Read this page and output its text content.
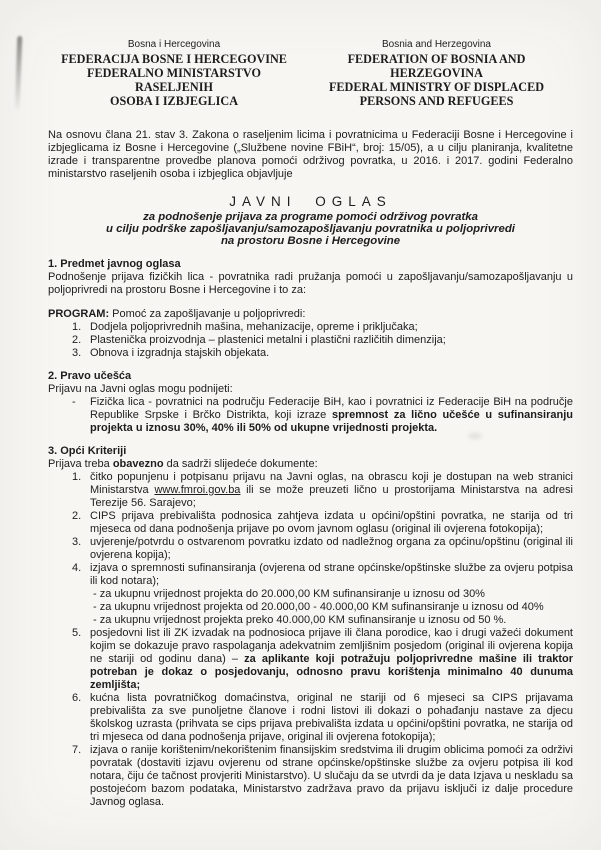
Bosna i Hercegovina
FEDERACIJA BOSNE I HERCEGOVINE
FEDERALNO MINISTARSTVO RASELJENIH
OSOBA I IZBJEGLICA
Bosnia and Herzegovina
FEDERATION OF BOSNIA AND HERZEGOVINA
FEDERAL MINISTRY OF DISPLACED
PERSONS AND REFUGEES

Na osnovu člana 21. stav 3. Zakona o raseljenim licima i povratnicima u Federaciji Bosne i Hercegovine i izbjeglicama iz Bosne i Hercegovine („Službene novine FBiH“, broj: 15/05), a u cilju planiranja, kvalitetne izrade i transparentne provedbe planova pomoći održivog povratka, u 2016. i 2017. godini Federalno ministarstvo raseljenih osoba i izbjeglica objavljuje

JAVNI OGLAS
za podnošenje prijava za programe pomoći održivog povratka
u cilju podrške zapošljavanju/samozapošljavanju povratnika u poljoprivredi
na prostoru Bosne i Hercegovine
1. Predmet javnog oglasa

Podnošenje prijava fizičkih lica - povratnika radi pružanja pomoći u zapošljavanju/samozapošljavanju u poljoprivredi na prostoru Bosne i Hercegovine i to za:

PROGRAM: Pomoć za zapošljavanje u poljoprivredi:

Dodjela poljoprivrednih mašina, mehanizacije, opreme i priključaka;
Plastenička proizvodnja – plastenici metalni i plastični različitih dimenzija;
Obnova i izgradnja stajskih objekata.
2. Pravo učešća

Prijavu na Javni oglas mogu podnijeti:

-	Fizička lica - povratnici na području Federacije BiH, kao i povratnici iz Federacije BiH na područje Republike Srpske i Brčko Distrikta, koji izraze spremnost za lično učešće u sufinansiranju projekta u iznosu 30%, 40% ili 50% od ukupne vrijednosti projekta.
3. Opći Kriteriji

Prijava treba obavezno da sadrži slijedeće dokumente:

čitko popunjenu i potpisanu prijavu na Javni oglas, na obrascu koji je dostupan na web stranici Ministarstva www.fmroi.gov.ba ili se može preuzeti lično u prostorijama Ministarstva na adresi Terezije 56. Sarajevo;
CIPS prijava prebivališta podnosica zahtjeva izdata u općini/opštini povratka, ne starija od tri mjeseca od dana podnošenja prijave po ovom javnom oglasu (original ili ovjerena fotokopija);
uvjerenje/potvrdu o ostvarenom povratku izdato od nadležnog organa za općinu/opštinu (original ili ovjerena kopija);
izjava o spremnosti sufinansiranja (ovjerena od strane općinske/opštinske službe za ovjeru potpisa ili kod notara);
- za ukupnu vrijednost projekta do 20.000,00 KM sufinansiranje u iznosu od 30%
- za ukupnu vrijednost projekta od 20.000,00 - 40.000,00 KM sufinansiranje u iznosu od 40%
- za ukupnu vrijednost projekta preko 40.000,00 KM sufinansiranje u iznosu od 50 %.
posjedovni list ili ZK izvadak na podnosioca prijave ili člana porodice, kao i drugi važeći dokument kojim se dokazuje pravo raspolaganja adekvatnim zemljišnim posjedom (original ili ovjerena kopija ne stariji od godinu dana) – za aplikante koji potražuju poljoprivredne mašine ili traktor potreban je dokaz o posjedovanju, odnosno pravu korištenja minimalno 40 dunuma zemljišta;
kućna lista povratničkog domaćinstva, original ne stariji od 6 mjeseci sa CIPS prijavama prebivališta za sve punoljetne članove i rodni listovi ili dokazi o pohađanju nastave za djecu školskog uzrasta (prihvata se cips prijava prebivališta izdata u općini/opštini povratka, ne starija od tri mjeseca od dana podnošenja prijave, original ili ovjerena fotokopija);
izjava o ranije korištenim/nekorištenim finansijskim sredstvima ili drugim oblicima pomoći za održivi povratak (dostaviti izjavu ovjerenu od strane općinske/opštinske službe za ovjeru potpisa ili kod notara, čiju će tačnost provjeriti Ministarstvo). U slučaju da se utvrdi da je data Izjava u neskladu sa postojećom bazom podataka, Ministarstvo zadržava pravo da prijavu isključi iz dalje procedure Javnog oglasa.
